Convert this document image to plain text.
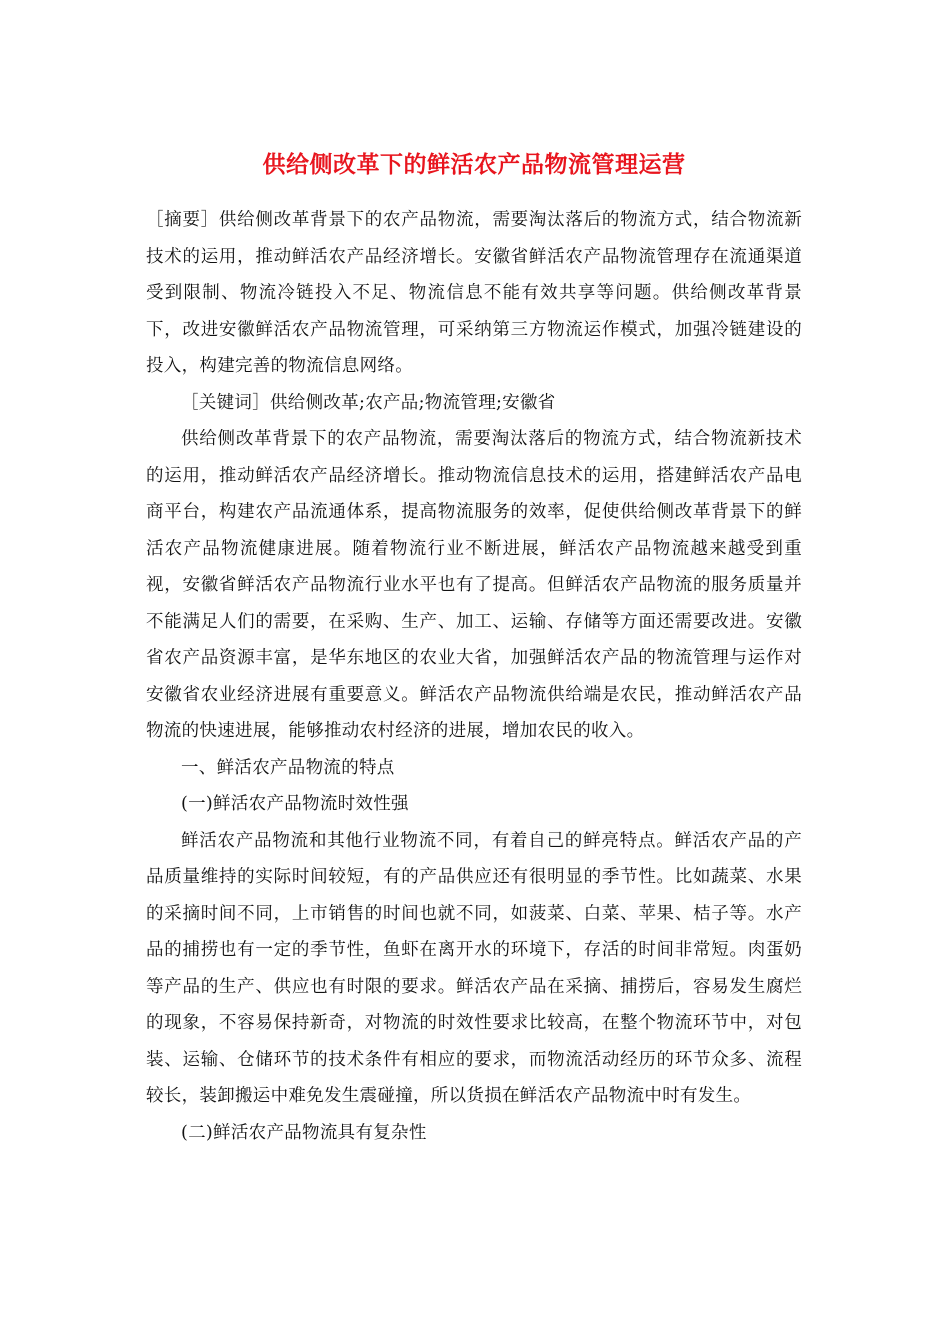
供给侧改革下的鲜活农产品物流管理运营

［摘要］供给侧改革背景下的农产品物流，需要淘汰落后的物流方式，结合物流新技术的运用，推动鲜活农产品经济增长。安徽省鲜活农产品物流管理存在流通渠道受到限制、物流冷链投入不足、物流信息不能有效共享等问题。供给侧改革背景下，改进安徽鲜活农产品物流管理，可采纳第三方物流运作模式，加强冷链建设的投入，构建完善的物流信息网络。

［关键词］供给侧改革;农产品;物流管理;安徽省

供给侧改革背景下的农产品物流，需要淘汰落后的物流方式，结合物流新技术的运用，推动鲜活农产品经济增长。推动物流信息技术的运用，搭建鲜活农产品电商平台，构建农产品流通体系，提高物流服务的效率，促使供给侧改革背景下的鲜活农产品物流健康进展。随着物流行业不断进展，鲜活农产品物流越来越受到重视，安徽省鲜活农产品物流行业水平也有了提高。但鲜活农产品物流的服务质量并不能满足人们的需要，在采购、生产、加工、运输、存储等方面还需要改进。安徽省农产品资源丰富，是华东地区的农业大省，加强鲜活农产品的物流管理与运作对安徽省农业经济进展有重要意义。鲜活农产品物流供给端是农民，推动鲜活农产品物流的快速进展，能够推动农村经济的进展，增加农民的收入。

一、鲜活农产品物流的特点

(一)鲜活农产品物流时效性强

鲜活农产品物流和其他行业物流不同，有着自己的鲜亮特点。鲜活农产品的产品质量维持的实际时间较短，有的产品供应还有很明显的季节性。比如蔬菜、水果的采摘时间不同，上市销售的时间也就不同，如菠菜、白菜、苹果、桔子等。水产品的捕捞也有一定的季节性，鱼虾在离开水的环境下，存活的时间非常短。肉蛋奶等产品的生产、供应也有时限的要求。鲜活农产品在采摘、捕捞后，容易发生腐烂的现象，不容易保持新奇，对物流的时效性要求比较高，在整个物流环节中，对包装、运输、仓储环节的技术条件有相应的要求，而物流活动经历的环节众多、流程较长，装卸搬运中难免发生震碰撞，所以货损在鲜活农产品物流中时有发生。

(二)鲜活农产品物流具有复杂性
